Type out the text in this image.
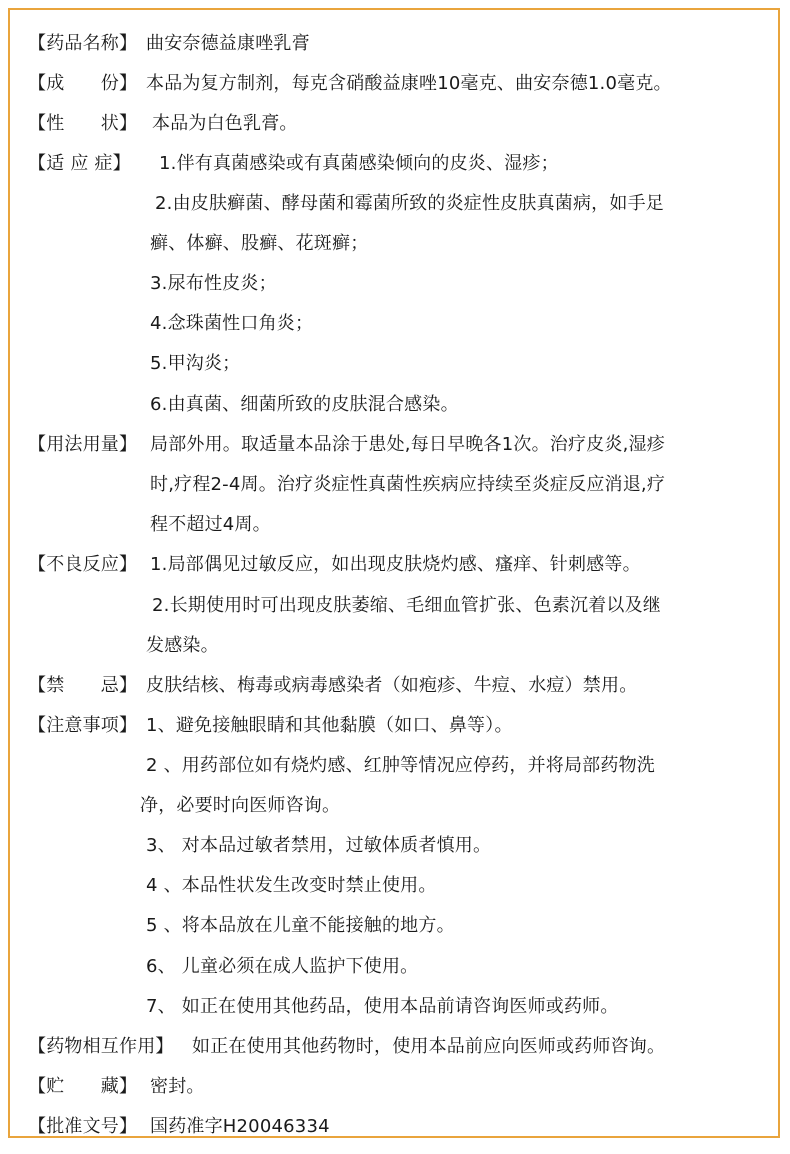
【药品名称】 曲安奈德益康唑乳膏
【成　　份】 本品为复方制剂，每克含硝酸益康唑10毫克、曲安奈德1.0毫克。
【性　　状】 本品为白色乳膏。
【适 应 症】 1.伴有真菌感染或有真菌感染倾向的皮炎、湿疹；
2.由皮肤癣菌、酵母菌和霉菌所致的炎症性皮肤真菌病，如手足
癣、体癣、股癣、花斑癣；
3.尿布性皮炎；
4.念珠菌性口角炎；
5.甲沟炎；
6.由真菌、细菌所致的皮肤混合感染。
【用法用量】 局部外用。取适量本品涂于患处,每日早晚各1次。治疗皮炎,湿疹
时,疗程2-4周。治疗炎症性真菌性疾病应持续至炎症反应消退,疗
程不超过4周。
【不良反应】 1.局部偶见过敏反应，如出现皮肤烧灼感、瘙痒、针刺感等。
2.长期使用时可出现皮肤萎缩、毛细血管扩张、色素沉着以及继
发感染。
【禁　　忌】 皮肤结核、梅毒或病毒感染者（如疱疹、牛痘、水痘）禁用。
【注意事项】 1、避免接触眼睛和其他黏膜（如口、鼻等）。
2 、用药部位如有烧灼感、红肿等情况应停药，并将局部药物洗
净，必要时向医师咨询。
3、 对本品过敏者禁用，过敏体质者慎用。
4 、本品性状发生改变时禁止使用。
5 、将本品放在儿童不能接触的地方。
6、 儿童必须在成人监护下使用。
7、 如正在使用其他药品，使用本品前请咨询医师或药师。
【药物相互作用】 如正在使用其他药物时，使用本品前应向医师或药师咨询。
【贮　　藏】 密封。
【批准文号】 国药准字H20046334
